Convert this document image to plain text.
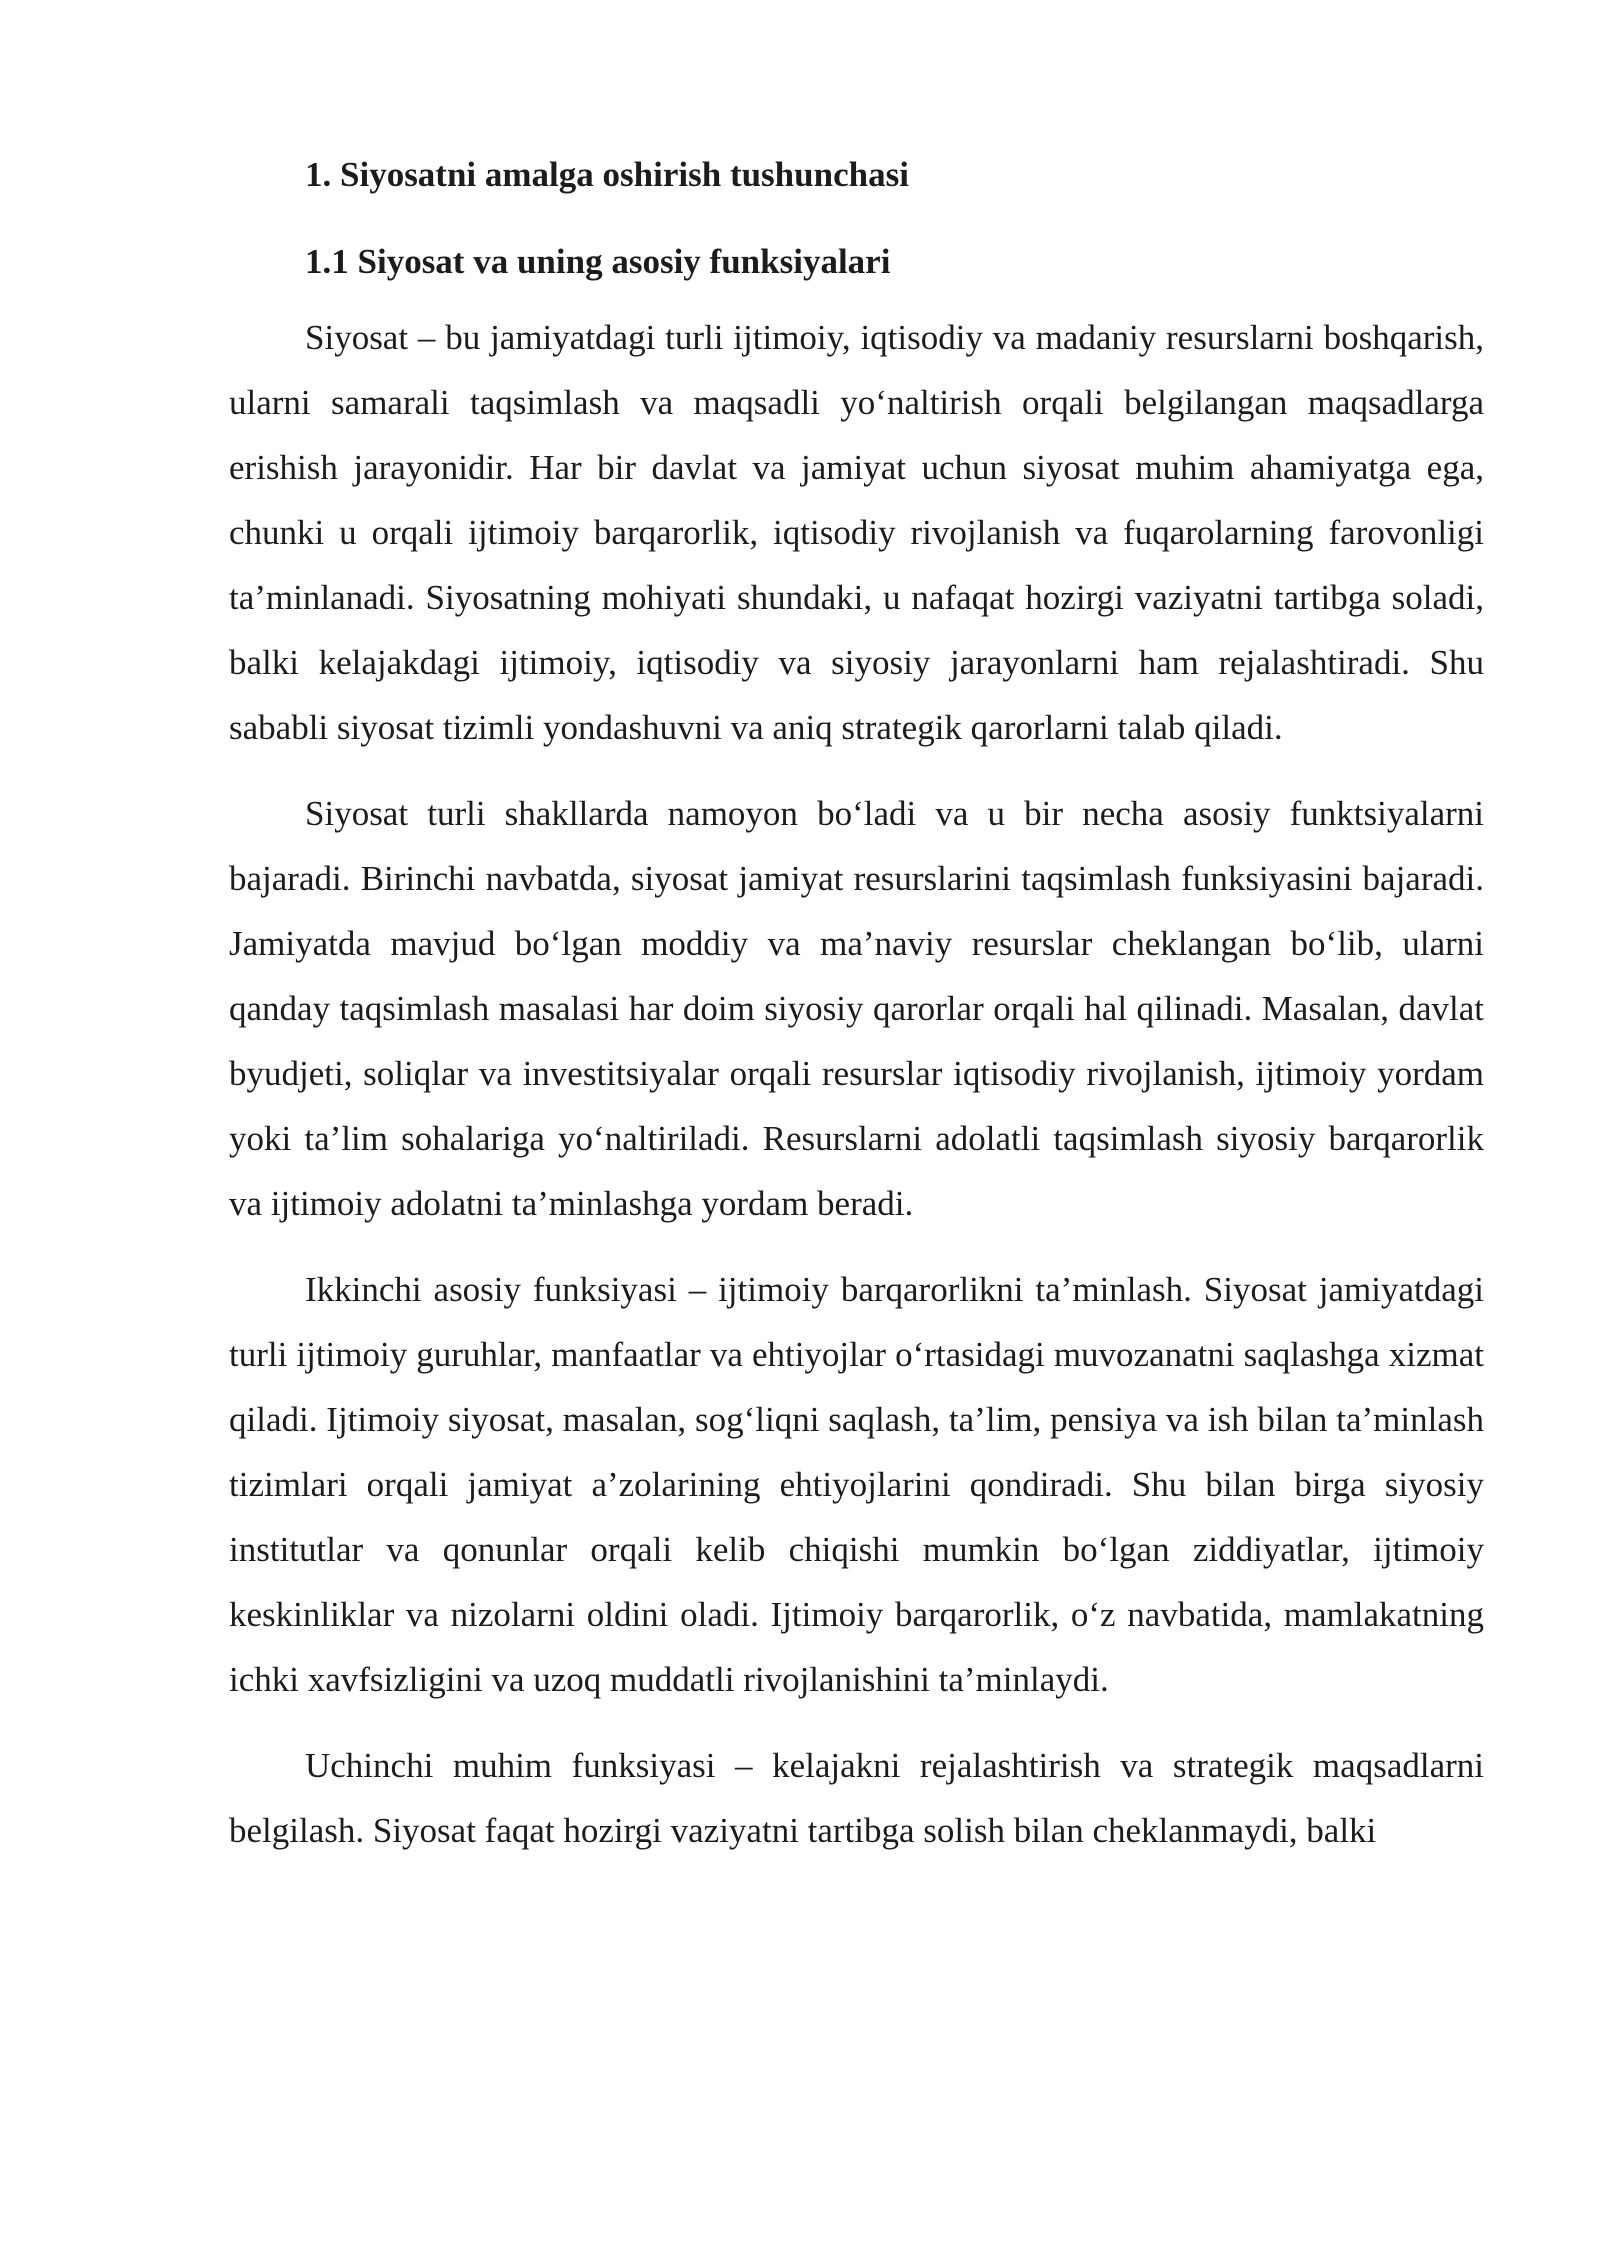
1. Siyosatni amalga oshirish tushunchasi
1.1 Siyosat va uning asosiy funksiyalari

Siyosat – bu jamiyatdagi turli ijtimoiy, iqtisodiy va madaniy resurslarni boshqarish, ularni samarali taqsimlash va maqsadli yo‘naltirish orqali belgilangan maqsadlarga erishish jarayonidir. Har bir davlat va jamiyat uchun siyosat muhim ahamiyatga ega, chunki u orqali ijtimoiy barqarorlik, iqtisodiy rivojlanish va fuqarolarning farovonligi ta’minlanadi. Siyosatning mohiyati shundaki, u nafaqat hozirgi vaziyatni tartibga soladi, balki kelajakdagi ijtimoiy, iqtisodiy va siyosiy jarayonlarni ham rejalashtiradi. Shu sababli siyosat tizimli yondashuvni va aniq strategik qarorlarni talab qiladi.

Siyosat turli shakllarda namoyon bo‘ladi va u bir necha asosiy funktsiyalarni bajaradi. Birinchi navbatda, siyosat jamiyat resurslarini taqsimlash funksiyasini bajaradi. Jamiyatda mavjud bo‘lgan moddiy va ma’naviy resurslar cheklangan bo‘lib, ularni qanday taqsimlash masalasi har doim siyosiy qarorlar orqali hal qilinadi. Masalan, davlat byudjeti, soliqlar va investitsiyalar orqali resurslar iqtisodiy rivojlanish, ijtimoiy yordam yoki ta’lim sohalariga yo‘naltiriladi. Resurslarni adolatli taqsimlash siyosiy barqarorlik va ijtimoiy adolatni ta’minlashga yordam beradi.

Ikkinchi asosiy funksiyasi – ijtimoiy barqarorlikni ta’minlash. Siyosat jamiyatdagi turli ijtimoiy guruhlar, manfaatlar va ehtiyojlar o‘rtasidagi muvozanatni saqlashga xizmat qiladi. Ijtimoiy siyosat, masalan, sog‘liqni saqlash, ta’lim, pensiya va ish bilan ta’minlash tizimlari orqali jamiyat a’zolarining ehtiyojlarini qondiradi. Shu bilan birga siyosiy institutlar va qonunlar orqali kelib chiqishi mumkin bo‘lgan ziddiyatlar, ijtimoiy keskinliklar va nizolarni oldini oladi. Ijtimoiy barqarorlik, o‘z navbatida, mamlakatning ichki xavfsizligini va uzoq muddatli rivojlanishini ta’minlaydi.

Uchinchi muhim funksiyasi – kelajakni rejalashtirish va strategik maqsadlarni belgilash. Siyosat faqat hozirgi vaziyatni tartibga solish bilan cheklanmaydi, balki
